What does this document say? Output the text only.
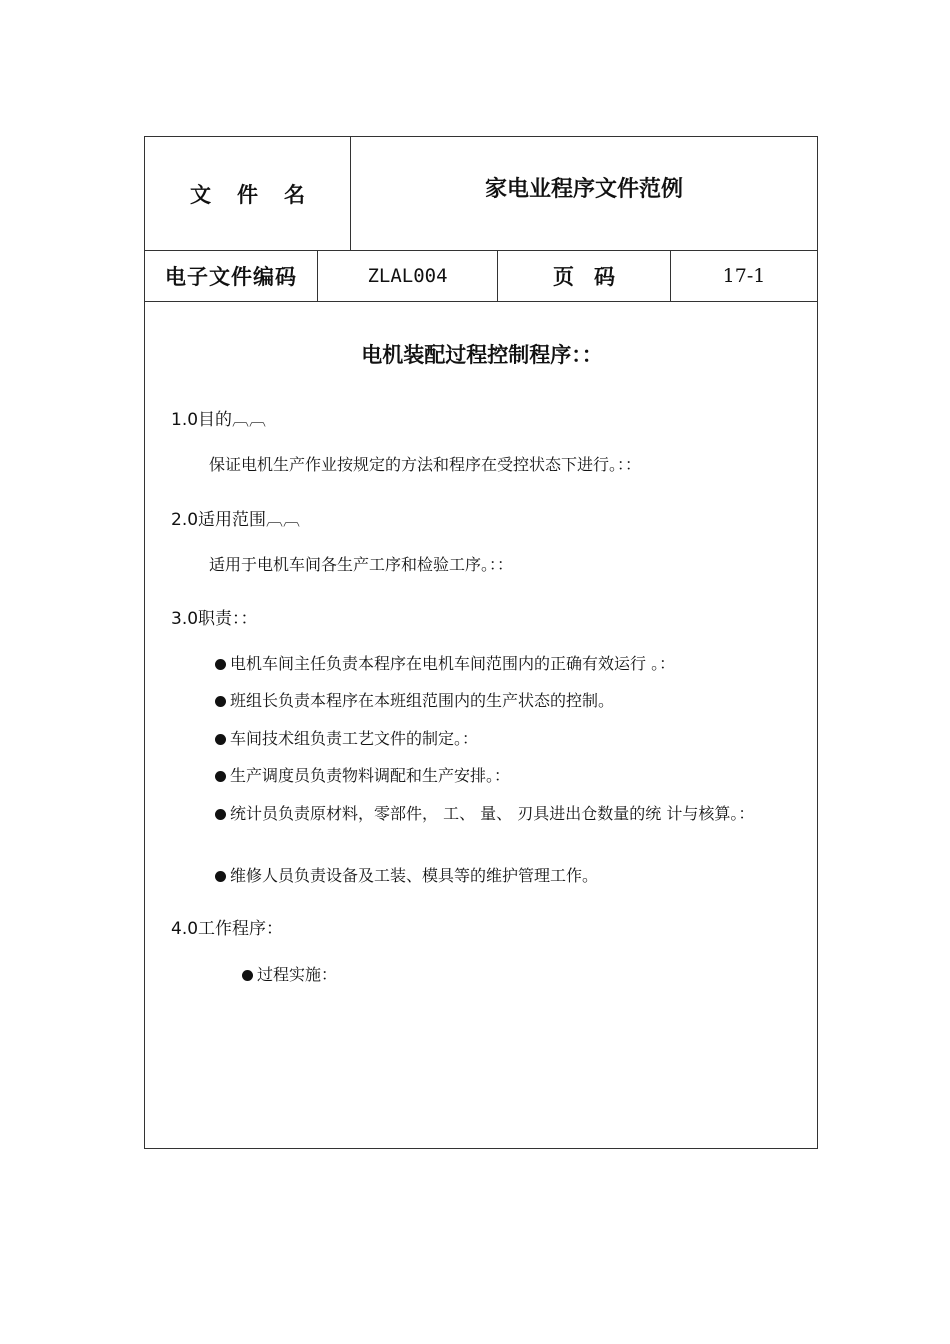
文件名	家电业程序文件范例
电子文件编码	ZLAL004	页码	17-1
电机装配过程控制程序：：
1.0目的︹︹
保证电机生产作业按规定的方法和程序在受控状态下进行。：：
2.0适用范围︹︹
适用于电机车间各生产工序和检验工序。：：
3.0职责：：
电机车间主任负责本程序在电机车间范围内的正确有效运行 。：
班组长负责本程序在本班组范围内的生产状态的控制。
车间技术组负责工艺文件的制定。：
生产调度员负责物料调配和生产安排。：
统计员负责原材料，零部件， 工、 量、 刃具进出仓数量的统 计与核算。：
维修人员负责设备及工装、模具等的维护管理工作。
4.0工作程序：
过程实施：
